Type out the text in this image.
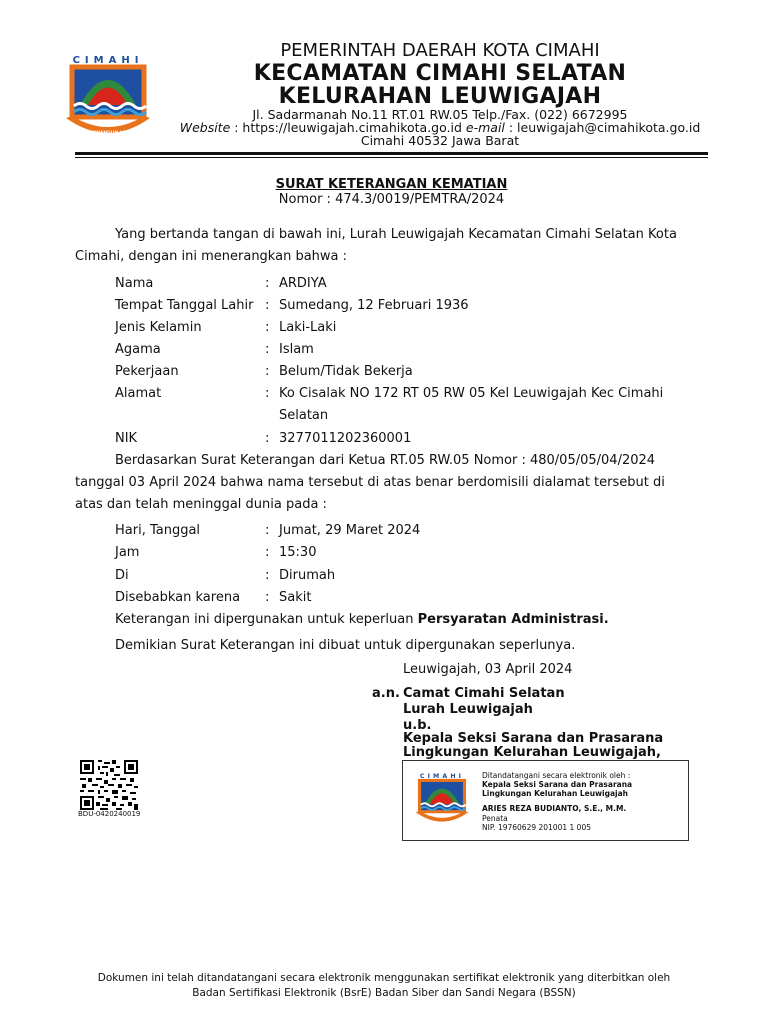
CIMAHI
SALUYU NGAWANGUN JATI MANDIRI
PEMERINTAH DAERAH KOTA CIMAHI
KECAMATAN CIMAHI SELATAN
KELURAHAN LEUWIGAJAH
Jl. Sadarmanah No.11 RT.01 RW.05 Telp./Fax. (022) 6672995
Website : https://leuwigajah.cimahikota.go.id e-mail : leuwigajah@cimahikota.go.id
Cimahi 40532 Jawa Barat
SURAT KETERANGAN KEMATIAN
Nomor : 474.3/0019/PEMTRA/2024
Yang bertanda tangan di bawah ini, Lurah Leuwigajah Kecamatan Cimahi Selatan Kota
Cimahi, dengan ini menerangkan bahwa :
Nama	: ARDIYA
Tempat Tanggal Lahir : Sumedang, 12 Februari 1936
Jenis Kelamin	: Laki-Laki
Agama	: Islam
Pekerjaan	: Belum/Tidak Bekerja
Alamat	: Ko Cisalak NO 172 RT 05 RW 05 Kel Leuwigajah Kec Cimahi
Selatan
NIK	: 3277011202360001
Berdasarkan Surat Keterangan dari Ketua RT.05 RW.05 Nomor : 480/05/05/04/2024
tanggal 03 April 2024 bahwa nama tersebut di atas benar berdomisili dialamat tersebut di
atas dan telah meninggal dunia pada :
Hari, Tanggal	: Jumat, 29 Maret 2024
Jam	: 15:30
Di	: Dirumah
Disebabkan karena : Sakit
Keterangan ini dipergunakan untuk keperluan Persyaratan Administrasi.
Demikian Surat Keterangan ini dibuat untuk dipergunakan seperlunya.
Leuwigajah, 03 April 2024
a.n. Camat Cimahi Selatan
Lurah Leuwigajah
u.b.
Kepala Seksi Sarana dan Prasarana
Lingkungan Kelurahan Leuwigajah,
BDU-0420240019
CIMAHI Ditandatangani secara elektronik oleh :
Kepala Seksi Sarana dan Prasarana
Lingkungan Kelurahan Leuwigajah
ARIES REZA BUDIANTO, S.E., M.M.
Penata
NIP. 19760629 201001 1 005
Dokumen ini telah ditandatangani secara elektronik menggunakan sertifikat elektronik yang diterbitkan oleh
Badan Sertifikasi Elektronik (BsrE) Badan Siber dan Sandi Negara (BSSN)
